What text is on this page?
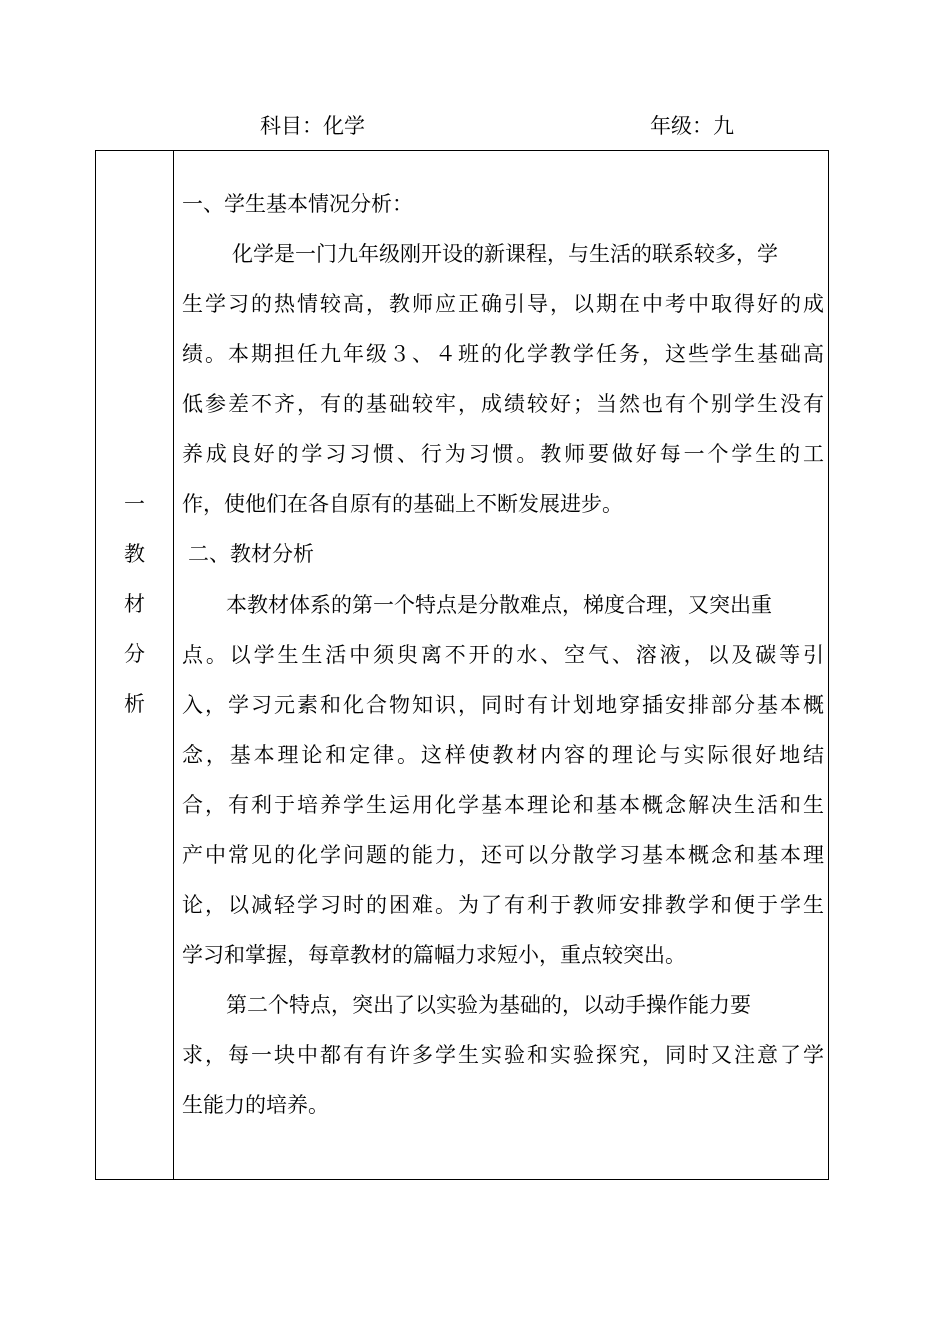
科目：化学	年级：九
一
教
材
分
析
一、学生基本情况分析：
化学是一门九年级刚开设的新课程，与生活的联系较多，学
生学习的热情较高，教师应正确引导，以期在中考中取得好的成
绩。本期担任九年级３、４班的化学教学任务，这些学生基础高
低参差不齐，有的基础较牢，成绩较好；当然也有个别学生没有
养成良好的学习习惯、行为习惯。教师要做好每一个学生的工
作，使他们在各自原有的基础上不断发展进步。
二、教材分析
本教材体系的第一个特点是分散难点，梯度合理，又突出重
点。以学生生活中须臾离不开的水、空气、溶液，以及碳等引
入，学习元素和化合物知识，同时有计划地穿插安排部分基本概
念，基本理论和定律。这样使教材内容的理论与实际很好地结
合，有利于培养学生运用化学基本理论和基本概念解决生活和生
产中常见的化学问题的能力，还可以分散学习基本概念和基本理
论，以减轻学习时的困难。为了有利于教师安排教学和便于学生
学习和掌握，每章教材的篇幅力求短小，重点较突出。
第二个特点，突出了以实验为基础的，以动手操作能力要
求，每一块中都有有许多学生实验和实验探究，同时又注意了学
生能力的培养。
